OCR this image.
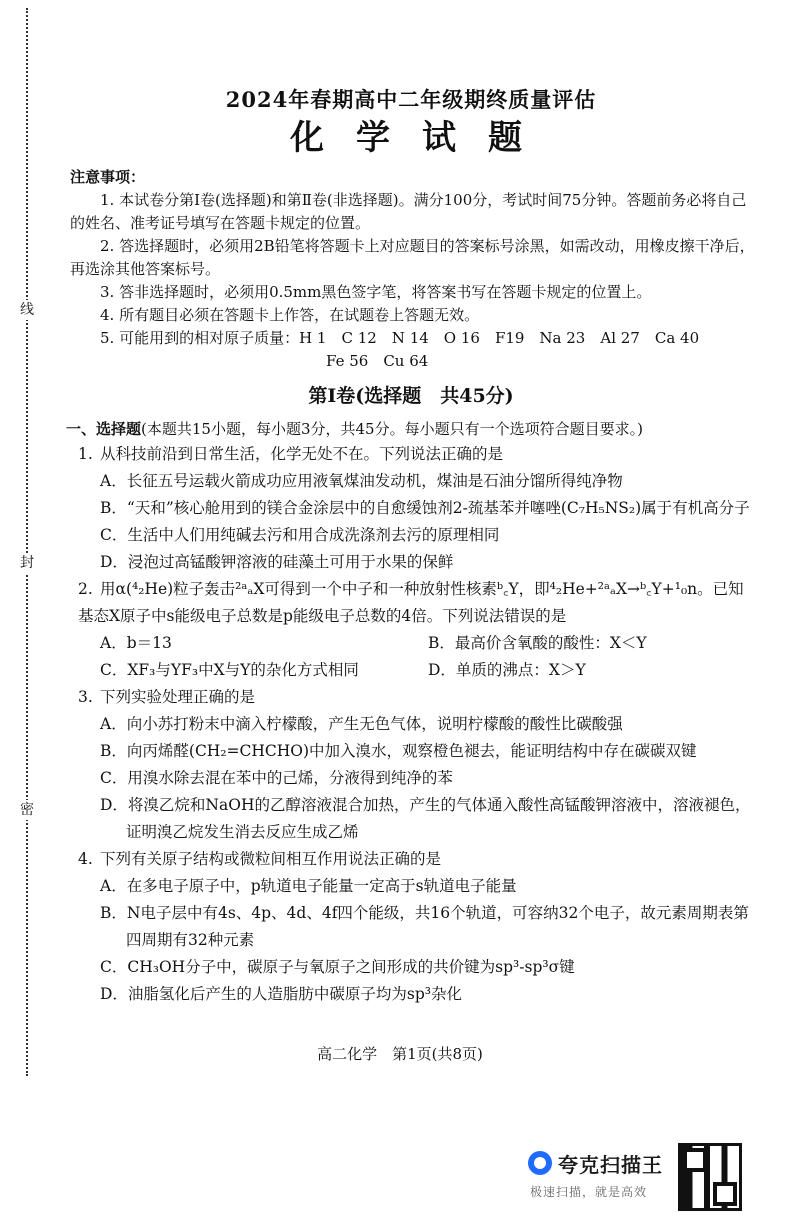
线
封
密
2024年春期高中二年级期终质量评估
化学试题

注意事项：

1. 本试卷分第Ⅰ卷(选择题)和第Ⅱ卷(非选择题)。满分100分，考试时间75分钟。答题前务必将自己的姓名、准考证号填写在答题卡规定的位置。

2. 答选择题时，必须用2B铅笔将答题卡上对应题目的答案标号涂黑，如需改动，用橡皮擦干净后，再选涂其他答案标号。

3. 答非选择题时，必须用0.5mm黑色签字笔，将答案书写在答题卡规定的位置上。

4. 所有题目必须在答题卡上作答，在试题卷上答题无效。

5. 可能用到的相对原子质量：H 1　C 12　N 14　O 16　F19　Na 23　Al 27　Ca 40

Fe 56　Cu 64

第Ⅰ卷(选择题　共45分)

一、选择题(本题共15小题，每小题3分，共45分。每小题只有一个选项符合题目要求。)

1. 从科技前沿到日常生活，化学无处不在。下列说法正确的是

A．长征五号运载火箭成功应用液氧煤油发动机，煤油是石油分馏所得纯净物

B．“天和”核心舱用到的镁合金涂层中的自愈缓蚀剂2-巯基苯并噻唑(C₇H₅NS₂)属于有机高分子

C．生活中人们用纯碱去污和用合成洗涤剂去污的原理相同

D．浸泡过高锰酸钾溶液的硅藻土可用于水果的保鲜

2. 用α(⁴₂He)粒子轰击²ᵃₐX可得到一个中子和一种放射性核素ᵇ꜀Y，即⁴₂He+²ᵃₐX→ᵇ꜀Y+¹₀n。已知基态X原子中s能级电子总数是p能级电子总数的4倍。下列说法错误的是

A．b＝13	B．最高价含氧酸的酸性：X＜Y
C．XF₃与YF₃中X与Y的杂化方式相同	D．单质的沸点：X＞Y

3. 下列实验处理正确的是

A．向小苏打粉末中滴入柠檬酸，产生无色气体，说明柠檬酸的酸性比碳酸强

B．向丙烯醛(CH₂=CHCHO)中加入溴水，观察橙色褪去，能证明结构中存在碳碳双键

C．用溴水除去混在苯中的己烯，分液得到纯净的苯

D．将溴乙烷和NaOH的乙醇溶液混合加热，产生的气体通入酸性高锰酸钾溶液中，溶液褪色，证明溴乙烷发生消去反应生成乙烯

4. 下列有关原子结构或微粒间相互作用说法正确的是

A．在多电子原子中，p轨道电子能量一定高于s轨道电子能量

B．N电子层中有4s、4p、4d、4f四个能级，共16个轨道，可容纳32个电子，故元素周期表第四周期有32种元素

C．CH₃OH分子中，碳原子与氧原子之间形成的共价键为sp³-sp³σ键

D．油脂氢化后产生的人造脂肪中碳原子均为sp³杂化

高二化学　第1页(共8页)
夸克扫描王
极速扫描，就是高效
